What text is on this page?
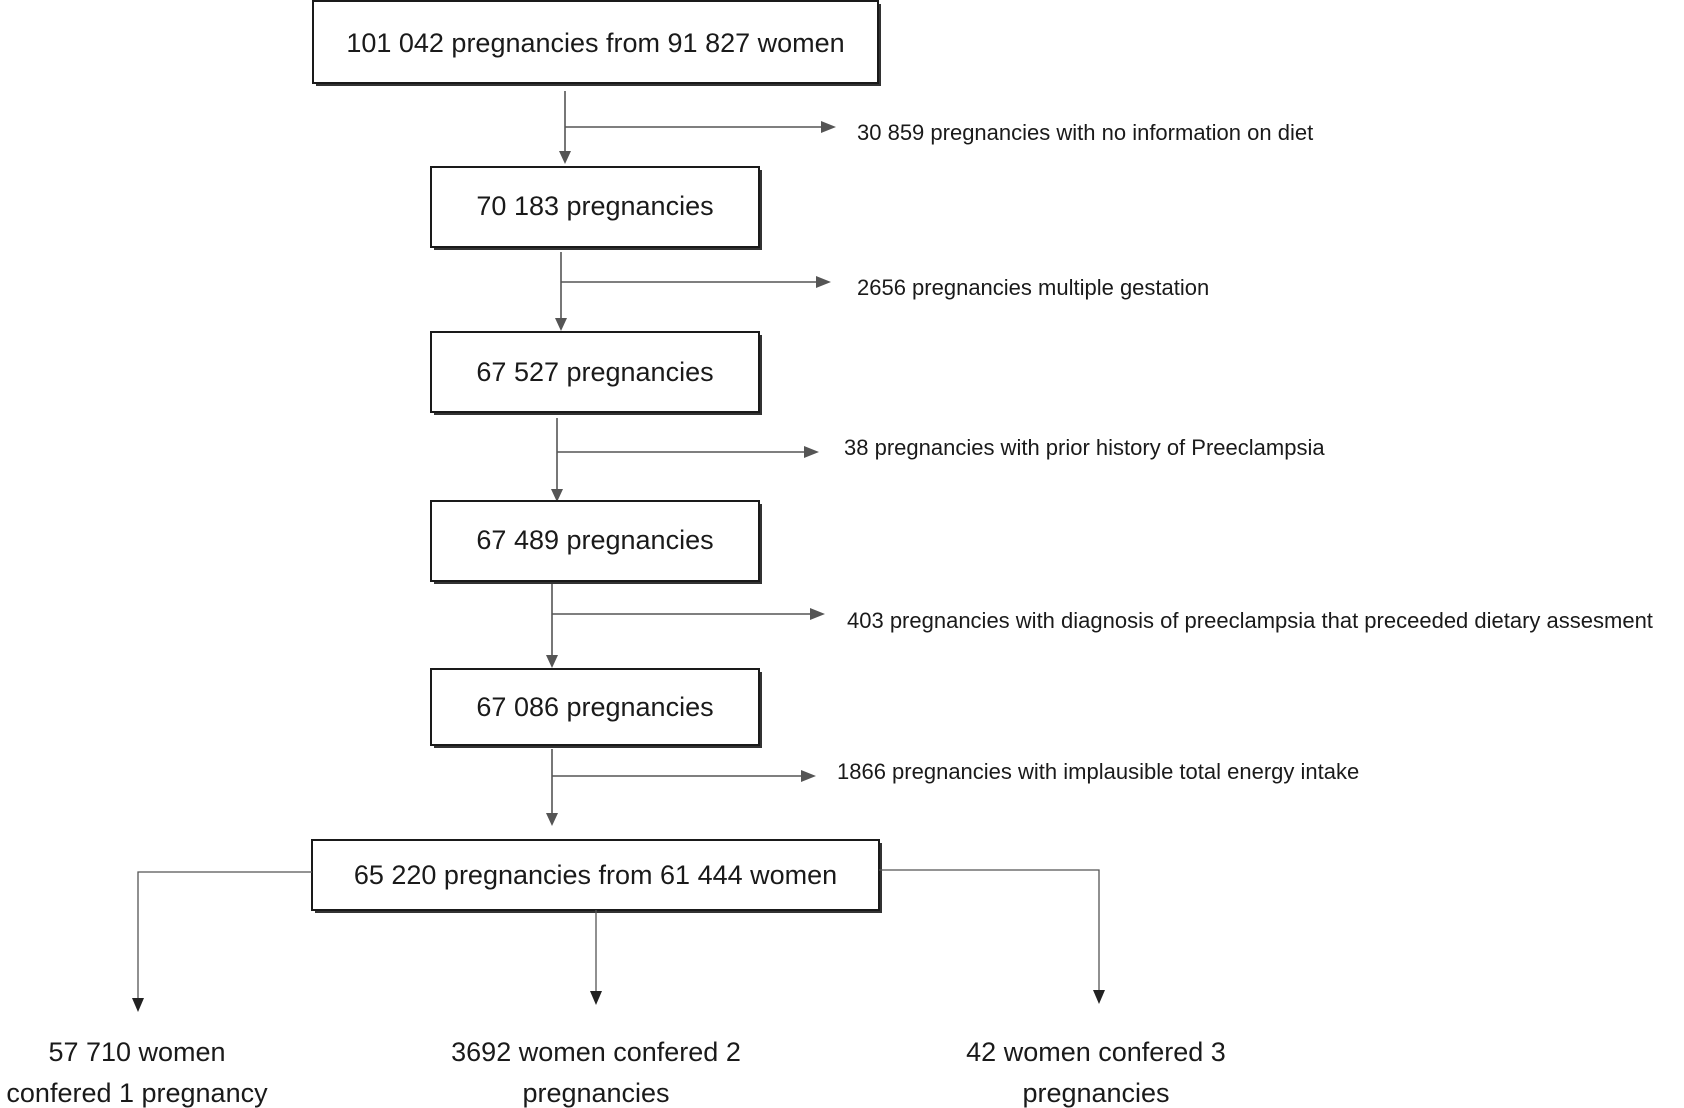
101 042 pregnancies from 91 827 women
30 859 pregnancies with no information on diet
70 183 pregnancies
2656 pregnancies multiple gestation
67 527 pregnancies
38 pregnancies with prior history of Preeclampsia
67 489 pregnancies
403 pregnancies with diagnosis of preeclampsia that preceeded dietary assesment
67 086 pregnancies
1866 pregnancies with implausible total energy intake
65 220 pregnancies from 61 444 women
57 710 women
confered 1 pregnancy
3692 women confered 2
pregnancies
42 women confered 3
pregnancies
